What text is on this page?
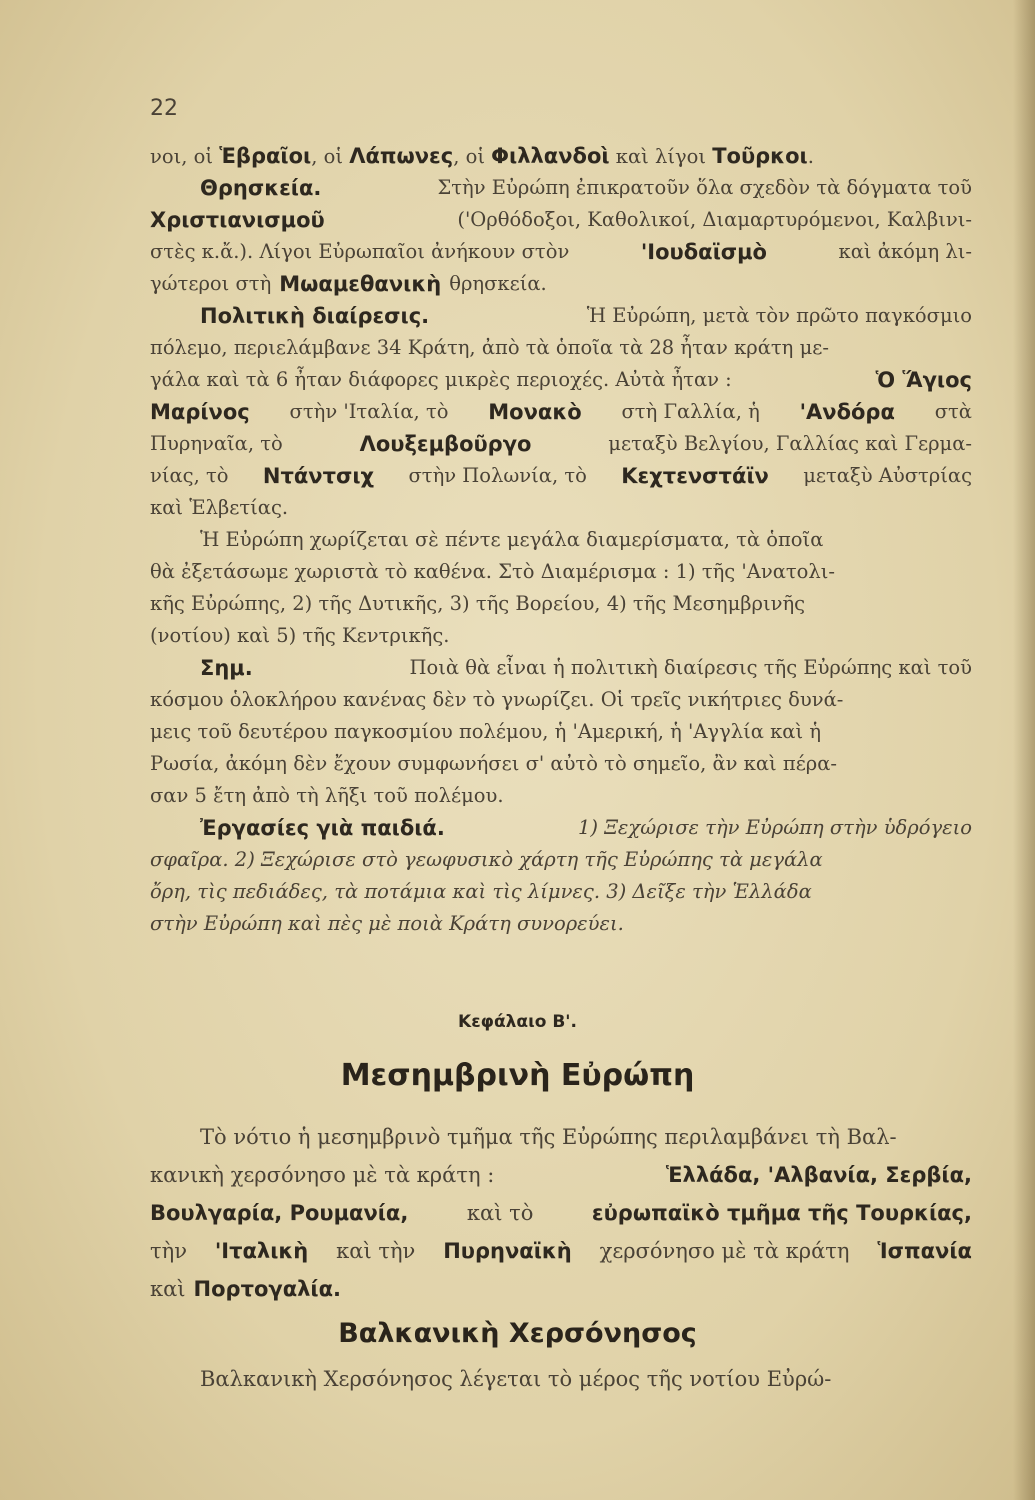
22
νοι, οἱ Ἑβραῖοι, οἱ Λάπωνες, οἱ Φιλλανδοὶ καὶ λίγοι Τοῦρκοι.
Θρησκεία.	Στὴν Εὐρώπη ἐπικρατοῦν ὅλα σχεδὸν τὰ δόγματα τοῦ
Χριστιανισμοῦ	('Ορθόδοξοι, Καθολικοί, Διαμαρτυρόμενοι, Καλβινι-
στὲς κ.ἄ.). Λίγοι Εὐρωπαῖοι ἀνήκουν στὸν	'Ιουδαϊσμὸ	καὶ ἀκόμη λι-
γώτεροι στὴ Μωαμεθανικὴ θρησκεία.
Πολιτικὴ διαίρεσις.	Ἡ Εὐρώπη, μετὰ τὸν πρῶτο παγκόσμιο
πόλεμο, περιελάμβανε 34 Κράτη, ἀπὸ τὰ ὁποῖα τὰ 28 ἦταν κράτη με-
γάλα καὶ τὰ 6 ἦταν διάφορες μικρὲς περιοχές. Αὐτὰ ἦταν :	Ὁ Ἅγιος
Μαρίνος στὴν 'Ιταλία, τὸ Μονακὸ στὴ Γαλλία, ἡ 'Ανδόρα στὰ
Πυρηναῖα, τὸ	Λουξεμβοῦργο	μεταξὺ Βελγίου, Γαλλίας καὶ Γερμα-
νίας, τὸ Ντάντσιχ στὴν Πολωνία, τὸ Κεχτενστάϊν μεταξὺ Αὐστρίας
καὶ Ἑλβετίας.
Ἡ Εὐρώπη χωρίζεται σὲ πέντε μεγάλα διαμερίσματα, τὰ ὁποῖα
θὰ ἐξετάσωμε χωριστὰ τὸ καθένα. Στὸ Διαμέρισμα : 1) τῆς 'Ανατολι-
κῆς Εὐρώπης, 2) τῆς Δυτικῆς, 3) τῆς Βορείου, 4) τῆς Μεσημβρινῆς
(νοτίου) καὶ 5) τῆς Κεντρικῆς.
Σημ.	Ποιὰ θὰ εἶναι ἡ πολιτικὴ διαίρεσις τῆς Εὐρώπης καὶ τοῦ
κόσμου ὁλοκλήρου κανένας δὲν τὸ γνωρίζει. Οἱ τρεῖς νικήτριες δυνά-
μεις τοῦ δευτέρου παγκοσμίου πολέμου, ἡ 'Αμερική, ἡ 'Αγγλία καὶ ἡ
Ρωσία, ἀκόμη δὲν ἔχουν συμφωνήσει σ' αὐτὸ τὸ σημεῖο, ἂν καὶ πέρα-
σαν 5 ἔτη ἀπὸ τὴ λῆξι τοῦ πολέμου.
Ἐργασίες γιὰ παιδιά.	1) Ξεχώρισε τὴν Εὐρώπη στὴν ὑδρόγειο
σφαῖρα. 2) Ξεχώρισε στὸ γεωφυσικὸ χάρτη τῆς Εὐρώπης τὰ μεγάλα
ὄρη, τὶς πεδιάδες, τὰ ποτάμια καὶ τὶς λίμνες. 3) Δεῖξε τὴν Ἑλλάδα
στὴν Εὐρώπη καὶ πὲς μὲ ποιὰ Κράτη συνορεύει.
Κεφάλαιο Β'.
Μεσημβρινὴ Εὐρώπη
Τὸ νότιο ἡ μεσημβρινὸ τμῆμα τῆς Εὐρώπης περιλαμβάνει τὴ Βαλ-
κανικὴ χερσόνησο μὲ τὰ κράτη :	Ἑλλάδα, 'Αλβανία, Σερβία,
Βουλγαρία, Ρουμανία,	καὶ τὸ	εὐρωπαϊκὸ τμῆμα τῆς Τουρκίας,
τὴν 'Ιταλικὴ καὶ τὴν Πυρηναϊκὴ χερσόνησο μὲ τὰ κράτη Ἱσπανία
καὶ Πορτογαλία.
Βαλκανικὴ Χερσόνησος
Βαλκανικὴ Χερσόνησος λέγεται τὸ μέρος τῆς νοτίου Εὐρώ-
